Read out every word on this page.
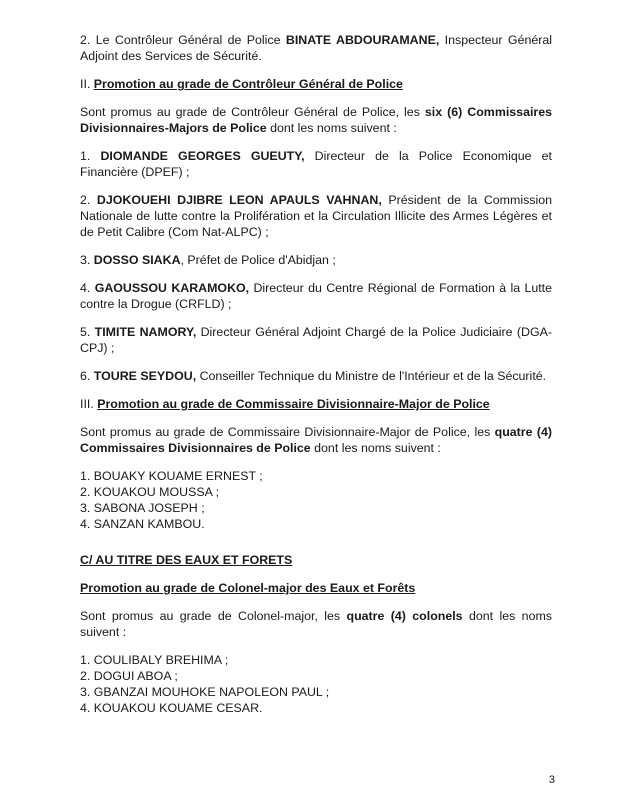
2. Le Contrôleur Général de Police BINATE ABDOURAMANE, Inspecteur Général Adjoint des Services de Sécurité.

II. Promotion au grade de Contrôleur Général de Police

Sont promus au grade de Contrôleur Général de Police, les six (6) Commissaires Divisionnaires-Majors de Police dont les noms suivent :

1. DIOMANDE GEORGES GUEUTY, Directeur de la Police Economique et Financière (DPEF) ;

2. DJOKOUEHI DJIBRE LEON APAULS VAHNAN, Président de la Commission Nationale de lutte contre la Prolifération et la Circulation Illicite des Armes Légères et de Petit Calibre (Com Nat-ALPC) ;

3. DOSSO SIAKA, Préfet de Police d'Abidjan ;

4. GAOUSSOU KARAMOKO, Directeur du Centre Régional de Formation à la Lutte contre la Drogue (CRFLD) ;

5. TIMITE NAMORY, Directeur Général Adjoint Chargé de la Police Judiciaire (DGA-CPJ) ;

6. TOURE SEYDOU, Conseiller Technique du Ministre de l'Intérieur et de la Sécurité.

III. Promotion au grade de Commissaire Divisionnaire-Major de Police

Sont promus au grade de Commissaire Divisionnaire-Major de Police, les quatre (4) Commissaires Divisionnaires de Police dont les noms suivent :

1. BOUAKY KOUAME ERNEST ;

2. KOUAKOU MOUSSA ;

3. SABONA JOSEPH ;

4. SANZAN KAMBOU.

C/ AU TITRE DES EAUX ET FORETS

Promotion au grade de Colonel-major des Eaux et Forêts

Sont promus au grade de Colonel-major, les quatre (4) colonels dont les noms suivent :

1. COULIBALY BREHIMA ;

2. DOGUI ABOA ;

3. GBANZAI MOUHOKE NAPOLEON PAUL ;

4. KOUAKOU KOUAME CESAR.

3
